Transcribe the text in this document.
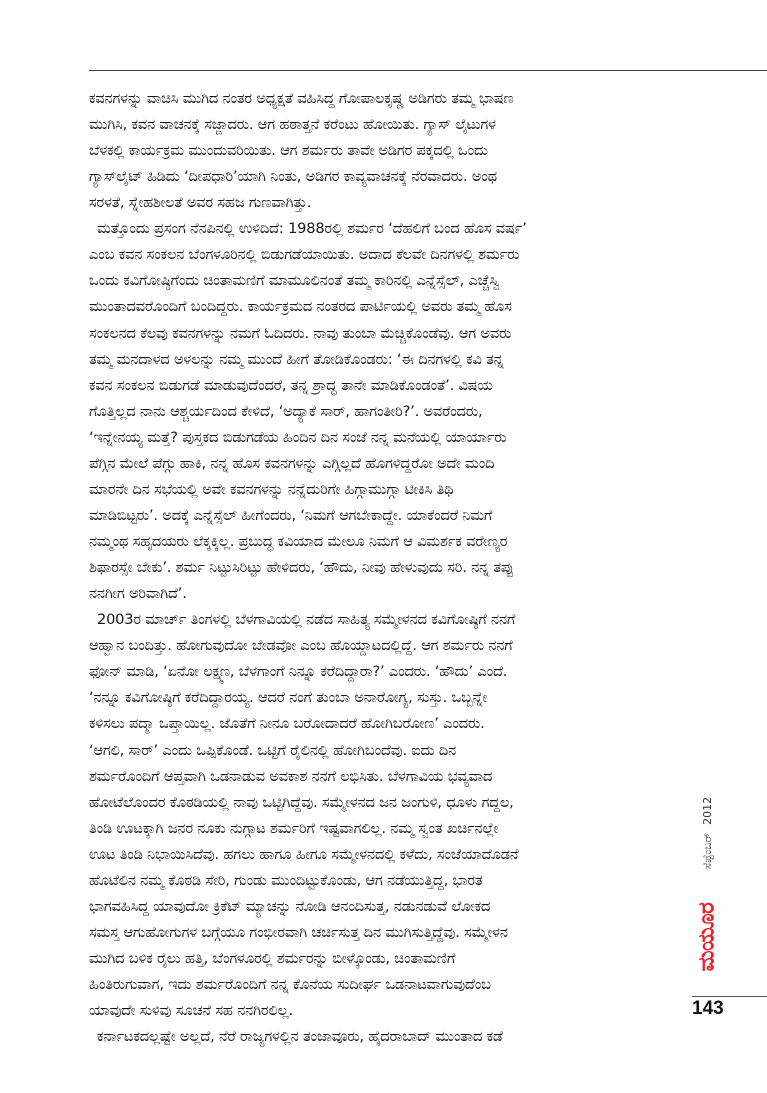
ಕವನಗಳನ್ನು ವಾಚಿಸಿ ಮುಗಿದ ನಂತರ ಅಧ್ಯಕ್ಷತೆ ವಹಿಸಿದ್ದ ಗೋಪಾಲಕೃಷ್ಣ ಅಡಿಗರು ತಮ್ಮ ಭಾಷಣ
ಮುಗಿಸಿ, ಕವನ ವಾಚನಕ್ಕೆ ಸಜ್ಜಾದರು. ಆಗ ಹಠಾತ್ತನೆ ಕರೆಂಟು ಹೋಯಿತು. ಗ್ಯಾಸ್ ಲೈಟುಗಳ
ಬೆಳಕಲ್ಲಿ ಕಾರ್ಯಕ್ರಮ ಮುಂದುವರಿಯಿತು. ಆಗ ಶರ್ಮರು ತಾವೇ ಅಡಿಗರ ಪಕ್ಕದಲ್ಲಿ ಒಂದು
ಗ್ಯಾಸ್‌ಲೈಟ್ ಹಿಡಿದು ‘ದೀಪಧಾರಿ’ಯಾಗಿ ನಿಂತು, ಅಡಿಗರ ಕಾವ್ಯವಾಚನಕ್ಕೆ ನೆರವಾದರು. ಅಂಥ
ಸರಳತೆ, ಸ್ನೇಹಶೀಲತೆ ಅವರ ಸಹಜ ಗುಣವಾಗಿತ್ತು.
ಮತ್ತೊಂದು ಪ್ರಸಂಗ ನೆನಪಿನಲ್ಲಿ ಉಳಿದಿದೆ: 1988ರಲ್ಲಿ ಶರ್ಮರ ‘ದೆಹಲಿಗೆ ಬಂದ ಹೊಸ ವರ್ಷ’
ಎಂಬ ಕವನ ಸಂಕಲನ ಬೆಂಗಳೂರಿನಲ್ಲಿ ಬಿಡುಗಡೆಯಾಯಿತು. ಅದಾದ ಕೆಲವೇ ದಿನಗಳಲ್ಲಿ ಶರ್ಮರು
ಒಂದು ಕವಿಗೋಷ್ಠಿಗೆಂದು ಚಿಂತಾಮಣಿಗೆ ಮಾಮೂಲಿನಂತೆ ತಮ್ಮ ಕಾರಿನಲ್ಲಿ ಎನ್ನೆಸ್ಸೆಲ್, ಎಚ್ಚೆಸ್ವಿ
ಮುಂತಾದವರೊಂದಿಗೆ ಬಂದಿದ್ದರು. ಕಾರ್ಯಕ್ರಮದ ನಂತರದ ಪಾರ್ಟಿಯಲ್ಲಿ ಅವರು ತಮ್ಮ ಹೊಸ
ಸಂಕಲನದ ಕೆಲವು ಕವನಗಳನ್ನು ನಮಗೆ ಓದಿದರು. ನಾವು ತುಂಬಾ ಮೆಚ್ಚಿಕೊಂಡೆವು. ಆಗ ಅವರು
ತಮ್ಮ ಮನದಾಳದ ಅಳಲನ್ನು ನಮ್ಮ ಮುಂದೆ ಹೀಗೆ ತೋಡಿಕೊಂಡರು: ‘ಈ ದಿನಗಳಲ್ಲಿ ಕವಿ ತನ್ನ
ಕವನ ಸಂಕಲನ ಬಿಡುಗಡೆ ಮಾಡುವುದೆಂದರೆ, ತನ್ನ ಶ್ರಾದ್ಧ ತಾನೇ ಮಾಡಿಕೊಂಡಂತೆ’. ವಿಷಯ
ಗೊತ್ತಿಲ್ಲದ ನಾನು ಆಶ್ಚರ್ಯದಿಂದ ಕೇಳಿದೆ, ‘ಅದ್ಯಾಕೆ ಸಾರ್, ಹಾಗಂತೀರಿ?’. ಅವರೆಂದರು,
‘ಇನ್ನೇನಯ್ಯ ಮತ್ತೆ? ಪುಸ್ತಕದ ಬಿಡುಗಡೆಯ ಹಿಂದಿನ ದಿನ ಸಂಜೆ ನನ್ನ ಮನೆಯಲ್ಲಿ ಯಾರ್ಯಾರು
ಪೆಗ್ಗಿನ ಮೇಲೆ ಪೆಗ್ಗು ಹಾಕಿ, ನನ್ನ ಹೊಸ ಕವನಗಳನ್ನು ಎಗ್ಗಿಲ್ಲದೆ ಹೊಗಳಿದ್ದರೋ ಅದೇ ಮಂದಿ
ಮಾರನೇ ದಿನ ಸಭೆಯಲ್ಲಿ ಅವೇ ಕವನಗಳನ್ನು ನನ್ನೆದುರಿಗೇ ಹಿಗ್ಗಾಮುಗ್ಗಾ ಟೀಕಿಸಿ ತಿಥಿ
ಮಾಡಿಬಿಟ್ಟರು’. ಅದಕ್ಕೆ ಎನ್ನೆಸ್ಸೆಲ್ ಹೀಗೆಂದರು, ‘ನಿಮಗೆ ಆಗಬೇಕಾದ್ದೇ. ಯಾಕೆಂದರೆ ನಿಮಗೆ
ನಮ್ಮಂಥ ಸಹೃದಯರು ಲೆಕ್ಕಕ್ಕಿಲ್ಲ. ಪ್ರಬುದ್ಧ ಕವಿಯಾದ ಮೇಲೂ ನಿಮಗೆ ಆ ವಿಮರ್ಶಕ ವರೇಣ್ಯರ
ಶಿಫಾರಸ್ಸೇ ಬೇಕು’. ಶರ್ಮ ನಿಟ್ಟುಸಿರಿಟ್ಟು ಹೇಳಿದರು, ‘ಹೌದು, ನೀವು ಹೇಳುವುದು ಸರಿ. ನನ್ನ ತಪ್ಪು
ನನಗೀಗ ಅರಿವಾಗಿದೆ’.
2003ರ ಮಾರ್ಚ್ ತಿಂಗಳಲ್ಲಿ ಬೆಳಗಾವಿಯಲ್ಲಿ ನಡೆದ ಸಾಹಿತ್ಯ ಸಮ್ಮೇಳನದ ಕವಿಗೋಷ್ಠಿಗೆ ನನಗೆ
ಆಹ್ವಾನ ಬಂದಿತ್ತು. ಹೋಗುವುದೋ ಬೇಡವೋ ಎಂಬ ಹೊಯ್ದಾಟದಲ್ಲಿದ್ದೆ. ಆಗ ಶರ್ಮರು ನನಗೆ
ಫೋನ್ ಮಾಡಿ, ‘ಏನೋ ಲಕ್ಷ್ಮಣ, ಬೆಳಗಾಂಗೆ ನಿನ್ನೂ ಕರೆದಿದ್ದಾರಾ?’ ಎಂದರು. ‘ಹೌದು’ ಎಂದೆ.
‘ನನ್ನೂ ಕವಿಗೋಷ್ಠಿಗೆ ಕರೆದಿದ್ದಾರಯ್ಯ. ಆದರೆ ನಂಗೆ ತುಂಬಾ ಅನಾರೋಗ್ಯ, ಸುಸ್ತು. ಒಬ್ಬನ್ನೇ
ಕಳಿಸಲು ಪದ್ಮಾ ಒಪ್ತಾಯಿಲ್ಲ. ಜೊತೆಗೆ ನೀನೂ ಬರೋದಾದರೆ ಹೋಗಿಬರೋಣ’ ಎಂದರು.
‘ಆಗಲಿ, ಸಾರ್’ ಎಂದು ಒಪ್ಪಿಕೊಂಡೆ. ಒಟ್ಟಿಗೆ ರೈಲಿನಲ್ಲಿ ಹೋಗಿಬಂದೆವು. ಐದು ದಿನ
ಶರ್ಮರೊಂದಿಗೆ ಆಪ್ತವಾಗಿ ಒಡನಾಡುವ ಅವಕಾಶ ನನಗೆ ಲಭಿಸಿತು. ಬೆಳಗಾವಿಯ ಭವ್ಯವಾದ
ಹೋಟೆಲೊಂದರ ಕೊಠಡಿಯಲ್ಲಿ ನಾವು ಒಟ್ಟಿಗಿದ್ದೆವು. ಸಮ್ಮೇಳನದ ಜನ ಜಂಗುಳಿ, ಧೂಳು ಗದ್ದಲ,
ತಿಂಡಿ ಊಟಕ್ಕಾಗಿ ಜನರ ನೂಕು ನುಗ್ಗಾಟ ಶರ್ಮರಿಗೆ ಇಷ್ಟವಾಗಲಿಲ್ಲ. ನಮ್ಮ ಸ್ವಂತ ಖರ್ಚಿನಲ್ಲೇ
ಊಟ ತಿಂಡಿ ನಿಭಾಯಿಸಿದೆವು. ಹಗಲು ಹಾಗೂ ಹೀಗೂ ಸಮ್ಮೇಳನದಲ್ಲಿ ಕಳೆದು, ಸಂಜೆಯಾದೊಡನೆ
ಹೊಟೆಲಿನ ನಮ್ಮ ಕೊಠಡಿ ಸೇರಿ, ಗುಂಡು ಮುಂದಿಟ್ಟುಕೊಂಡು, ಆಗ ನಡೆಯುತ್ತಿದ್ದ, ಭಾರತ
ಭಾಗವಹಿಸಿದ್ದ ಯಾವುದೋ ಕ್ರಿಕೆಟ್ ಮ್ಯಾಚನ್ನು ನೋಡಿ ಆನಂದಿಸುತ್ತ, ನಡುನಡುವೆ ಲೋಕದ
ಸಮಸ್ತ ಆಗುಹೋಗುಗಳ ಬಗ್ಗೆಯೂ ಗಂಭೀರವಾಗಿ ಚರ್ಚಿಸುತ್ತ ದಿನ ಮುಗಿಸುತ್ತಿದ್ದೆವು. ಸಮ್ಮೇಳನ
ಮುಗಿದ ಬಳಿಕ ರೈಲು ಹತ್ತಿ, ಬೆಂಗಳೂರಲ್ಲಿ ಶರ್ಮರನ್ನು ಬೀಳ್ಕೊಂಡು, ಚಿಂತಾಮಣಿಗೆ
ಹಿಂತಿರುಗುವಾಗ, ಇದು ಶರ್ಮರೊಂದಿಗೆ ನನ್ನ ಕೊನೆಯ ಸುದೀರ್ಘ ಒಡನಾಟವಾಗುವುದೆಂಬ
ಯಾವುದೇ ಸುಳಿವು ಸೂಚನೆ ಸಹ ನನಗಿರಲಿಲ್ಲ.
ಕರ್ನಾಟಕದಲ್ಲಷ್ಟೇ ಅಲ್ಲದೆ, ನೆರೆ ರಾಜ್ಯಗಳಲ್ಲಿನ ತಂಜಾವೂರು, ಹೈದರಾಬಾದ್ ಮುಂತಾದ ಕಡೆ
ಸೆಪ್ಟೆಂಬರ್2012
ಮಯೂರ
143
